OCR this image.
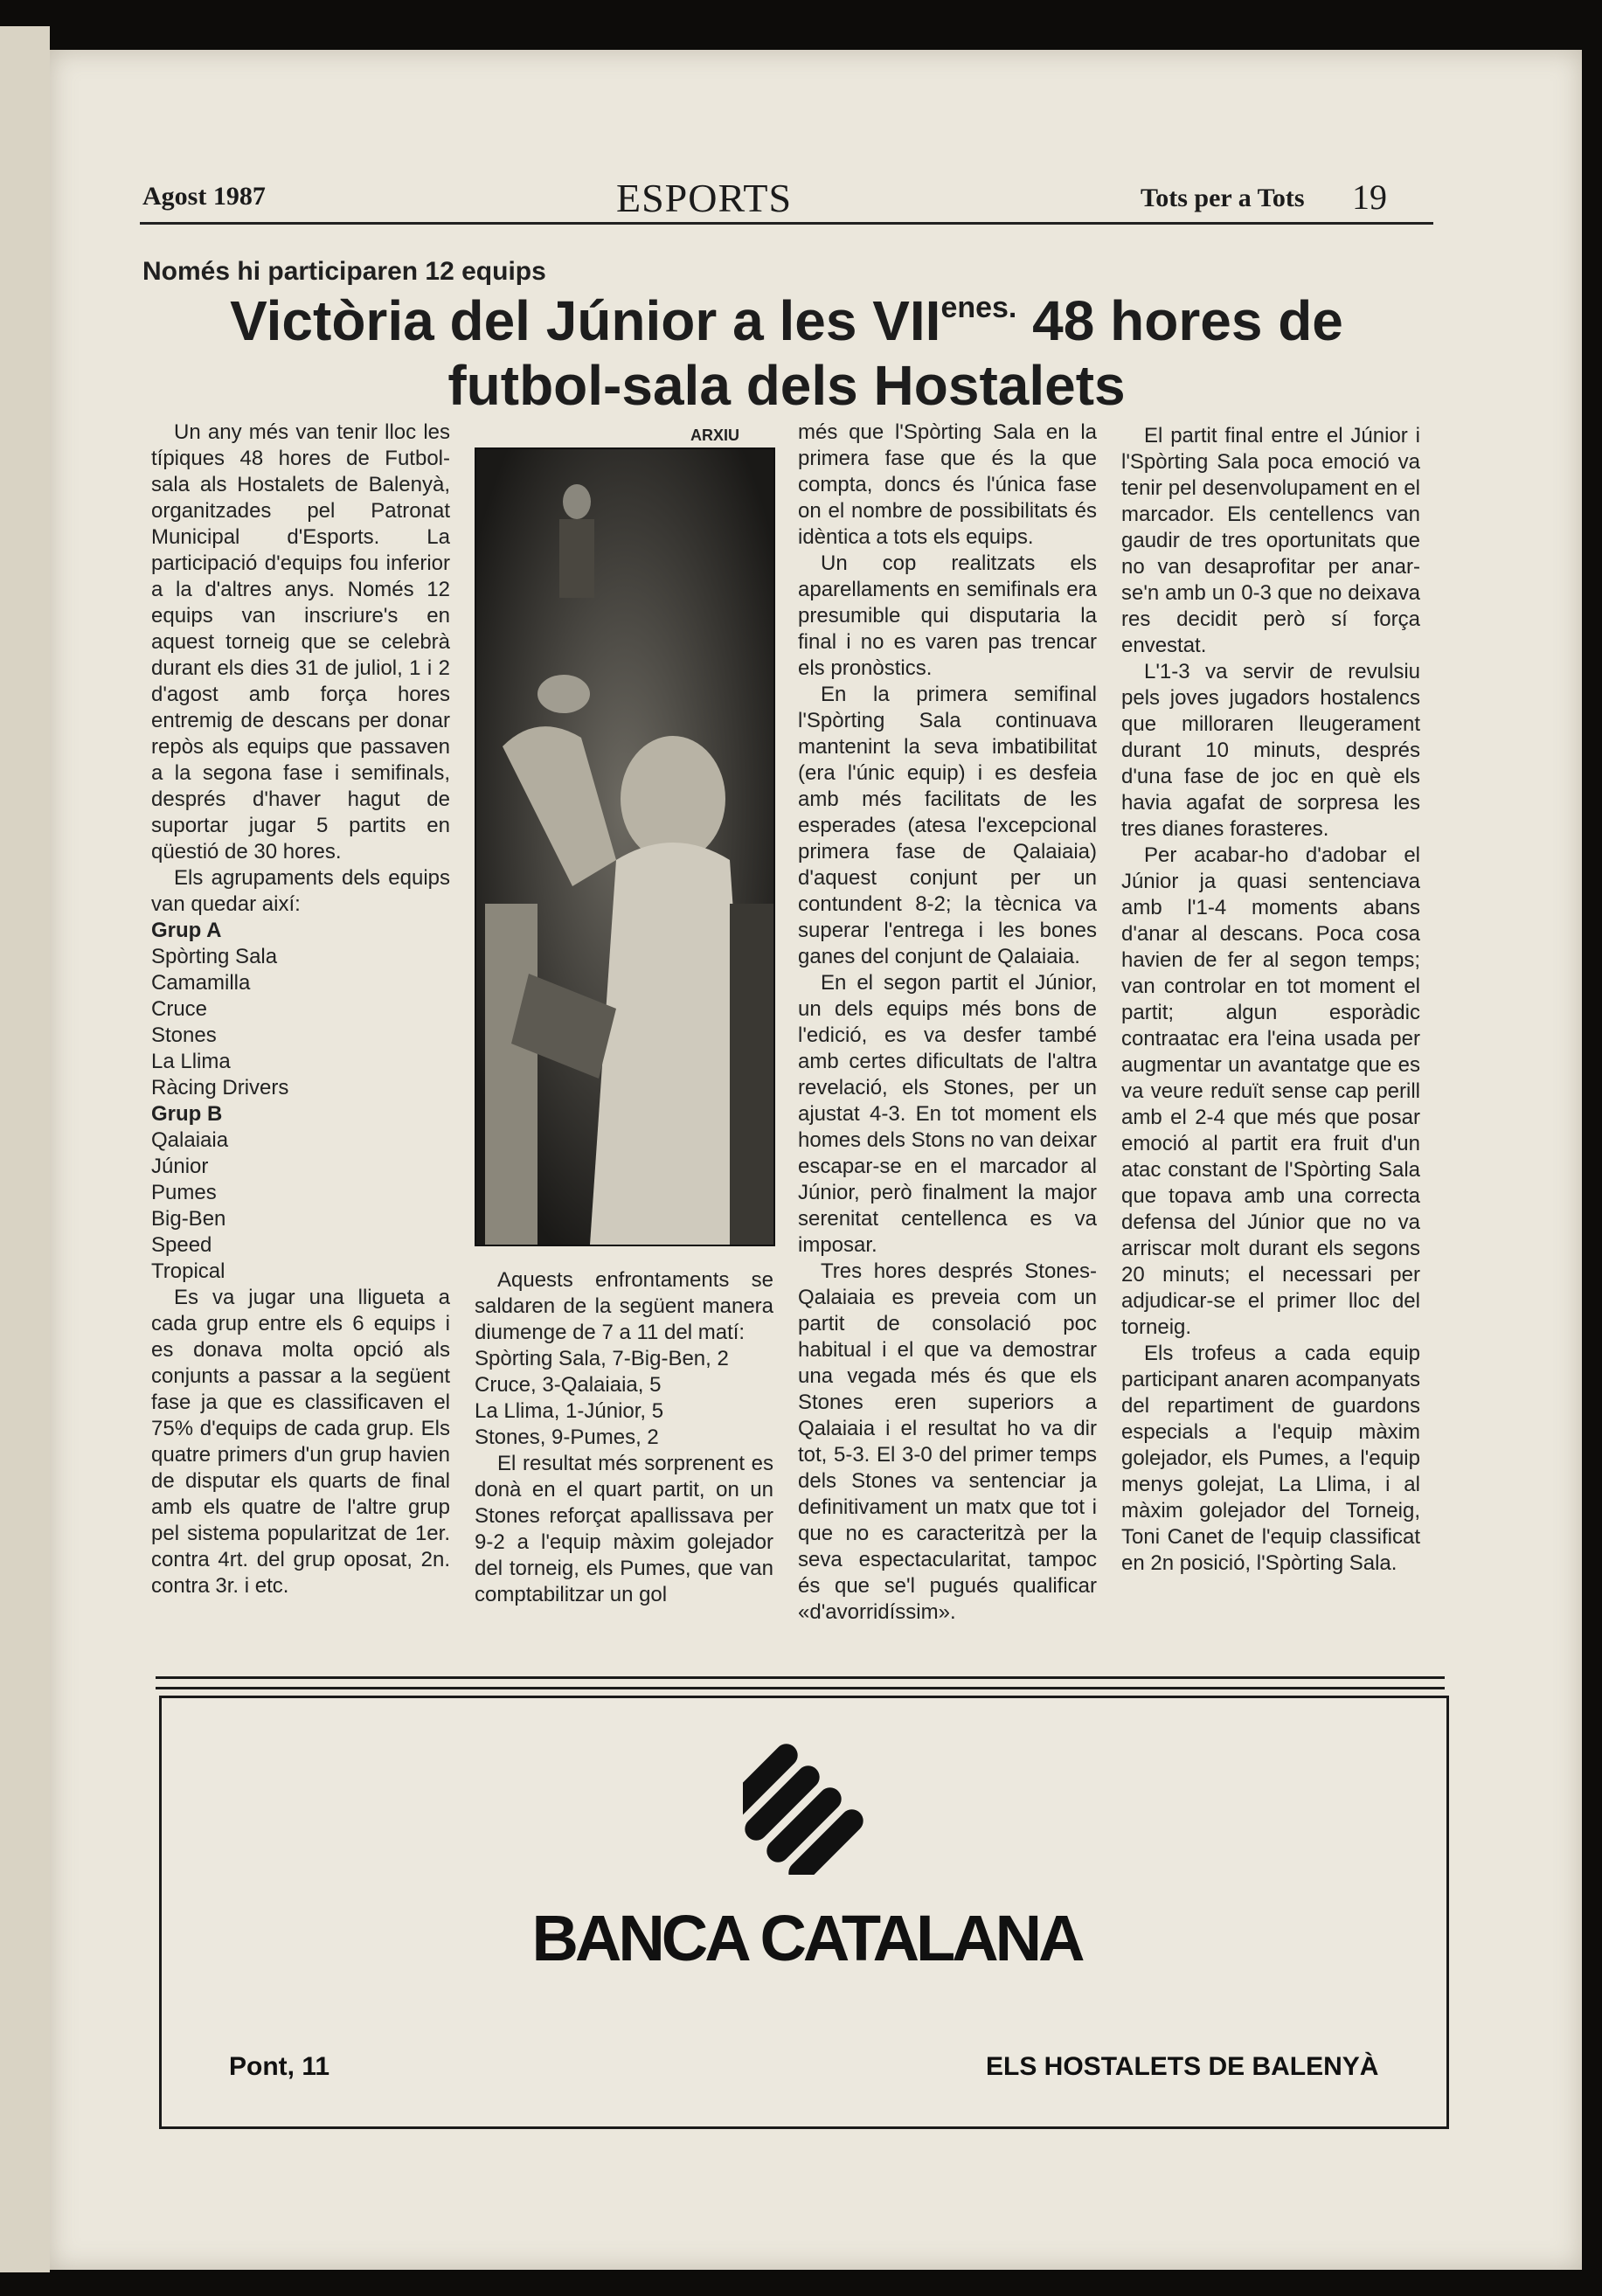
Agost 1987	ESPORTS	Tots per a Tots 19
Només hi participaren 12 equips
Victòria del Júnior a les $VII^{enes.}$ 48 hores de futbol-sala dels Hostalets

Un any més van tenir lloc les típiques 48 hores de Futbol-sala als Hostalets de Balenyà, organitzades pel Patronat Municipal d'Esports. La participació d'equips fou inferior a la d'altres anys. Només 12 equips van inscriure's en aquest torneig que se celebrà durant els dies 31 de juliol, 1 i 2 d'agost amb força hores entremig de descans per donar repòs als equips que passaven a la segona fase i semifinals, després d'haver hagut de suportar jugar 5 partits en qüestió de 30 hores.

Els agrupaments dels equips van quedar així:

Grup A

Spòrting Sala

Camamilla

Cruce

Stones

La Llima

Ràcing Drivers

Grup B

Qalaiaia

Júnior

Pumes

Big-Ben

Speed

Tropical

Es va jugar una lligueta a cada grup entre els 6 equips i es donava molta opció als conjunts a passar a la següent fase ja que es classificaven el 75% d'equips de cada grup. Els quatre primers d'un grup havien de disputar els quarts de final amb els quatre de l'altre grup pel sistema popularitzat de 1er. contra 4rt. del grup oposat, 2n. contra 3r. i etc.

ARXIU

Aquests enfrontaments se saldaren de la següent manera diumenge de 7 a 11 del matí:

Spòrting Sala, 7-Big-Ben, 2

Cruce, 3-Qalaiaia, 5

La Llima, 1-Júnior, 5

Stones, 9-Pumes, 2

El resultat més sorprenent es donà en el quart partit, on un Stones reforçat apallissava per 9-2 a l'equip màxim golejador del torneig, els Pumes, que van comptabilitzar un gol

més que l'Spòrting Sala en la primera fase que és la que compta, doncs és l'única fase on el nombre de possibilitats és idèntica a tots els equips.

Un cop realitzats els aparellaments en semifinals era presumible qui disputaria la final i no es varen pas trencar els pronòstics.

En la primera semifinal l'Spòrting Sala continuava mantenint la seva imbatibilitat (era l'únic equip) i es desfeia amb més facilitats de les esperades (atesa l'excepcional primera fase de Qalaiaia) d'aquest conjunt per un contundent 8-2; la tècnica va superar l'entrega i les bones ganes del conjunt de Qalaiaia.

En el segon partit el Júnior, un dels equips més bons de l'edició, es va desfer també amb certes dificultats de l'altra revelació, els Stones, per un ajustat 4-3. En tot moment els homes dels Stons no van deixar escapar-se en el marcador al Júnior, però finalment la major serenitat centellenca es va imposar.

Tres hores després Stones-Qalaiaia es preveia com un partit de consolació poc habitual i el que va demostrar una vegada més és que els Stones eren superiors a Qalaiaia i el resultat ho va dir tot, 5-3. El 3-0 del primer temps dels Stones va sentenciar ja definitivament un matx que tot i que no es caracteritzà per la seva espectacularitat, tampoc és que se'l pugués qualificar «d'avorridíssim».

El partit final entre el Júnior i l'Spòrting Sala poca emoció va tenir pel desenvolupament en el marcador. Els centellencs van gaudir de tres oportunitats que no van desaprofitar per anar-se'n amb un 0-3 que no deixava res decidit però sí força envestat.

L'1-3 va servir de revulsiu pels joves jugadors hostalencs que milloraren lleugerament durant 10 minuts, després d'una fase de joc en què els havia agafat de sorpresa les tres dianes forasteres.

Per acabar-ho d'adobar el Júnior ja quasi sentenciava amb l'1-4 moments abans d'anar al descans. Poca cosa havien de fer al segon temps; van controlar en tot moment el partit; algun esporàdic contraatac era l'eina usada per augmentar un avantatge que es va veure reduït sense cap perill amb el 2-4 que més que posar emoció al partit era fruit d'un atac constant de l'Spòrting Sala que topava amb una correcta defensa del Júnior que no va arriscar molt durant els segons 20 minuts; el necessari per adjudicar-se el primer lloc del torneig.

Els trofeus a cada equip participant anaren acompanyats del repartiment de guardons especials a l'equip màxim golejador, els Pumes, a l'equip menys golejat, La Llima, i al màxim golejador del Torneig, Toni Canet de l'equip classificat en 2n posició, l'Spòrting Sala.

BANCA CATALANA
Pont, 11	ELS HOSTALETS DE BALENYÀ
